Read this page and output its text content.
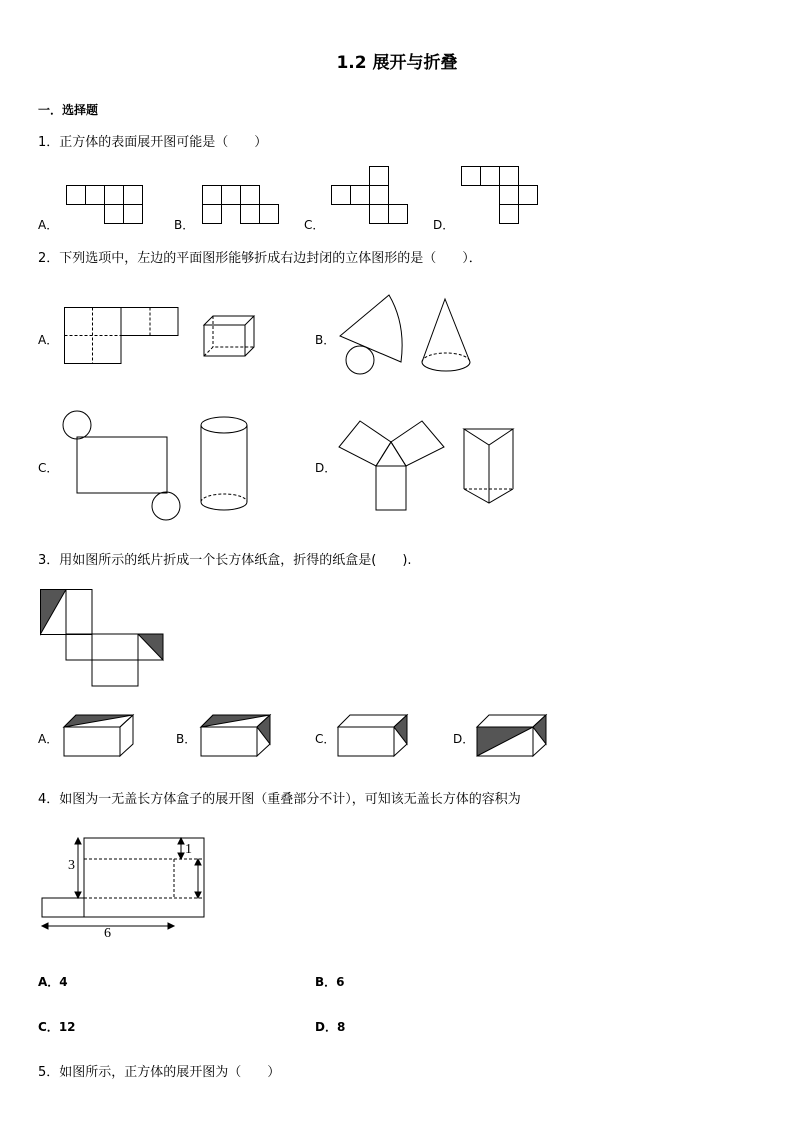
1.2 展开与折叠
一．选择题
1．正方体的表面展开图可能是（　　）
A．	B．	C．	D．
2．下列选项中，左边的平面图形能够折成右边封闭的立体图形的是（　　）．
A．	B．
C．	D．
3．用如图所示的纸片折成一个长方体纸盒，折得的纸盒是(　　).
A．	B．	C．	D．
4．如图为一无盖长方体盒子的展开图（重叠部分不计），可知该无盖长方体的容积为
3
1
6
A．4	B．6
C．12	D．8
5．如图所示，正方体的展开图为（　　）
